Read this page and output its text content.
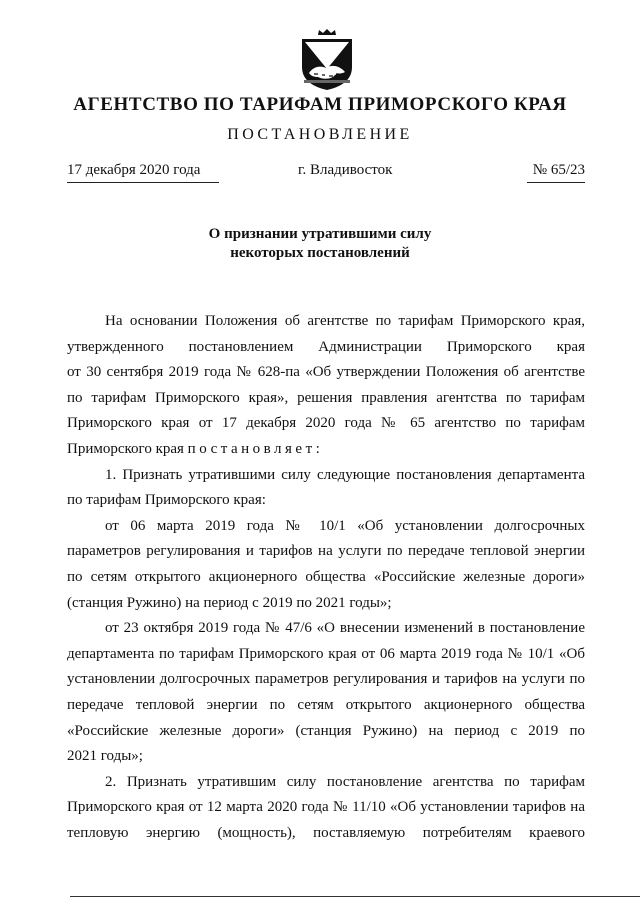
АГЕНТСТВО ПО ТАРИФАМ ПРИМОРСКОГО КРАЯ
ПОСТАНОВЛЕНИЕ
17 декабря 2020 года	г. Владивосток	№ 65/23
О признании утратившими силу
некоторых постановлений
На основании Положения об агентстве по тарифам Приморского края,
утвержденного постановлением Администрации Приморского края
от 30 сентября 2019 года № 628-па «Об утверждении Положения об агентстве
по тарифам Приморского края», решения правления агентства по тарифам
Приморского края от 17 декабря 2020 года № 65 агентство по тарифам
Приморского края постановляет:
1. Признать утратившими силу следующие постановления департамента
по тарифам Приморского края:
от 06 марта 2019 года № 10/1 «Об установлении долгосрочных
параметров регулирования и тарифов на услуги по передаче тепловой энергии
по сетям открытого акционерного общества «Российские железные дороги»
(станция Ружино) на период с 2019 по 2021 годы»;
от 23 октября 2019 года № 47/6 «О внесении изменений в постановление
департамента по тарифам Приморского края от 06 марта 2019 года № 10/1 «Об
установлении долгосрочных параметров регулирования и тарифов на услуги по
передаче тепловой энергии по сетям открытого акционерного общества
«Российские железные дороги» (станция Ружино) на период с 2019 по
2021 годы»;
2. Признать утратившим силу постановление агентства по тарифам
Приморского края от 12 марта 2020 года № 11/10 «Об установлении тарифов на
тепловую энергию (мощность), поставляемую потребителям краевого
